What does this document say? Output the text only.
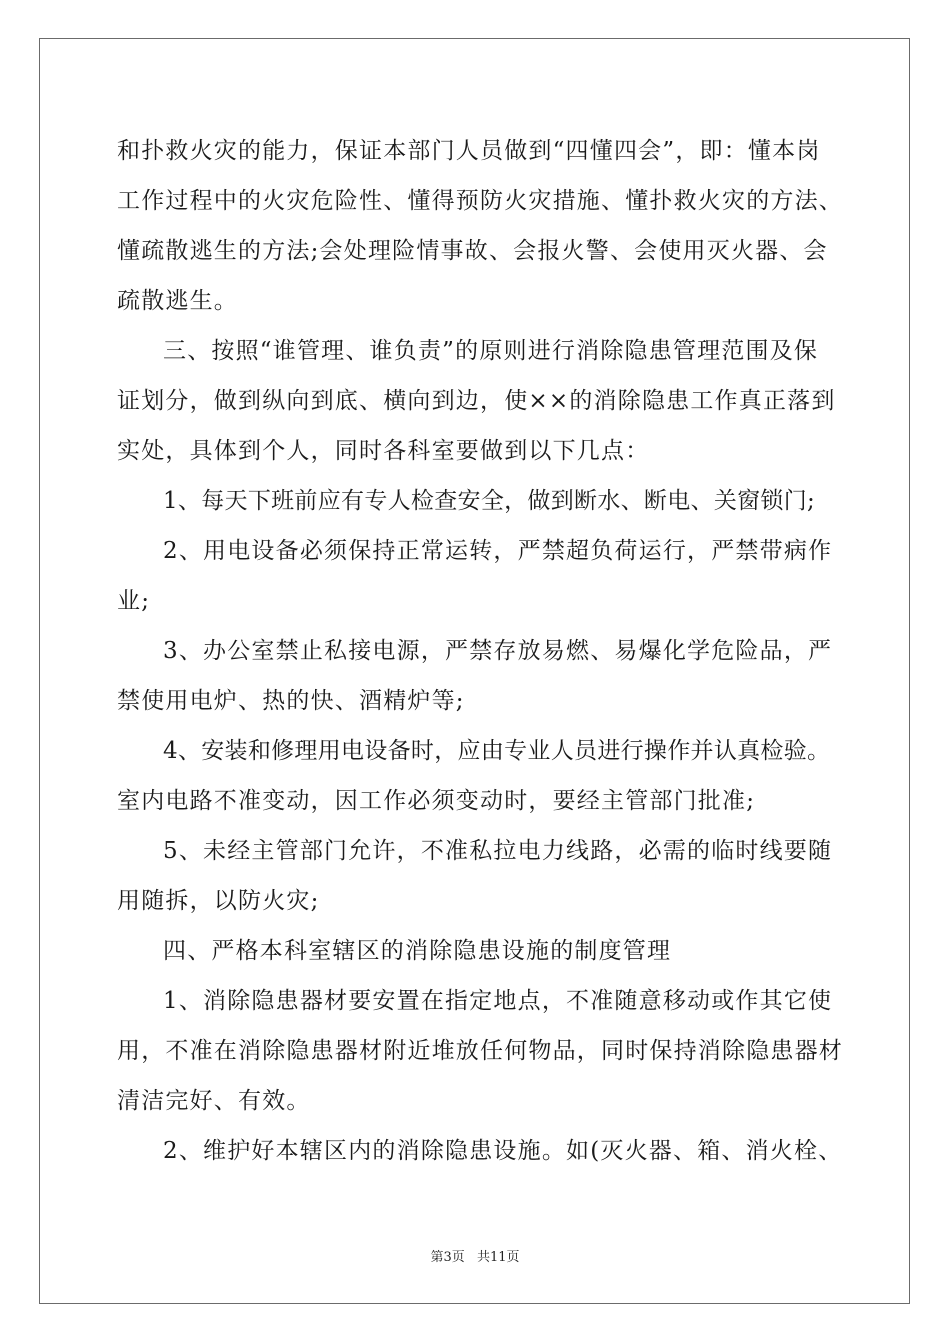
和扑救火灾的能力，保证本部门人员做到“四懂四会”，即：懂本岗
工作过程中的火灾危险性、懂得预防火灾措施、懂扑救火灾的方法、
懂疏散逃生的方法;会处理险情事故、会报火警、会使用灭火器、会
疏散逃生。
三、按照“谁管理、谁负责”的原则进行消除隐患管理范围及保
证划分，做到纵向到底、横向到边，使××的消除隐患工作真正落到
实处，具体到个人，同时各科室要做到以下几点：
1、每天下班前应有专人检查安全，做到断水、断电、关窗锁门;
2、用电设备必须保持正常运转，严禁超负荷运行，严禁带病作
业;
3、办公室禁止私接电源，严禁存放易燃、易爆化学危险品，严
禁使用电炉、热的快、酒精炉等;
4、安装和修理用电设备时，应由专业人员进行操作并认真检验。
室内电路不准变动，因工作必须变动时，要经主管部门批准;
5、未经主管部门允许，不准私拉电力线路，必需的临时线要随
用随拆，以防火灾;
四、严格本科室辖区的消除隐患设施的制度管理
1、消除隐患器材要安置在指定地点，不准随意移动或作其它使
用，不准在消除隐患器材附近堆放任何物品，同时保持消除隐患器材
清洁完好、有效。
2、维护好本辖区内的消除隐患设施。如(灭火器、箱、消火栓、
第3页 共11页
